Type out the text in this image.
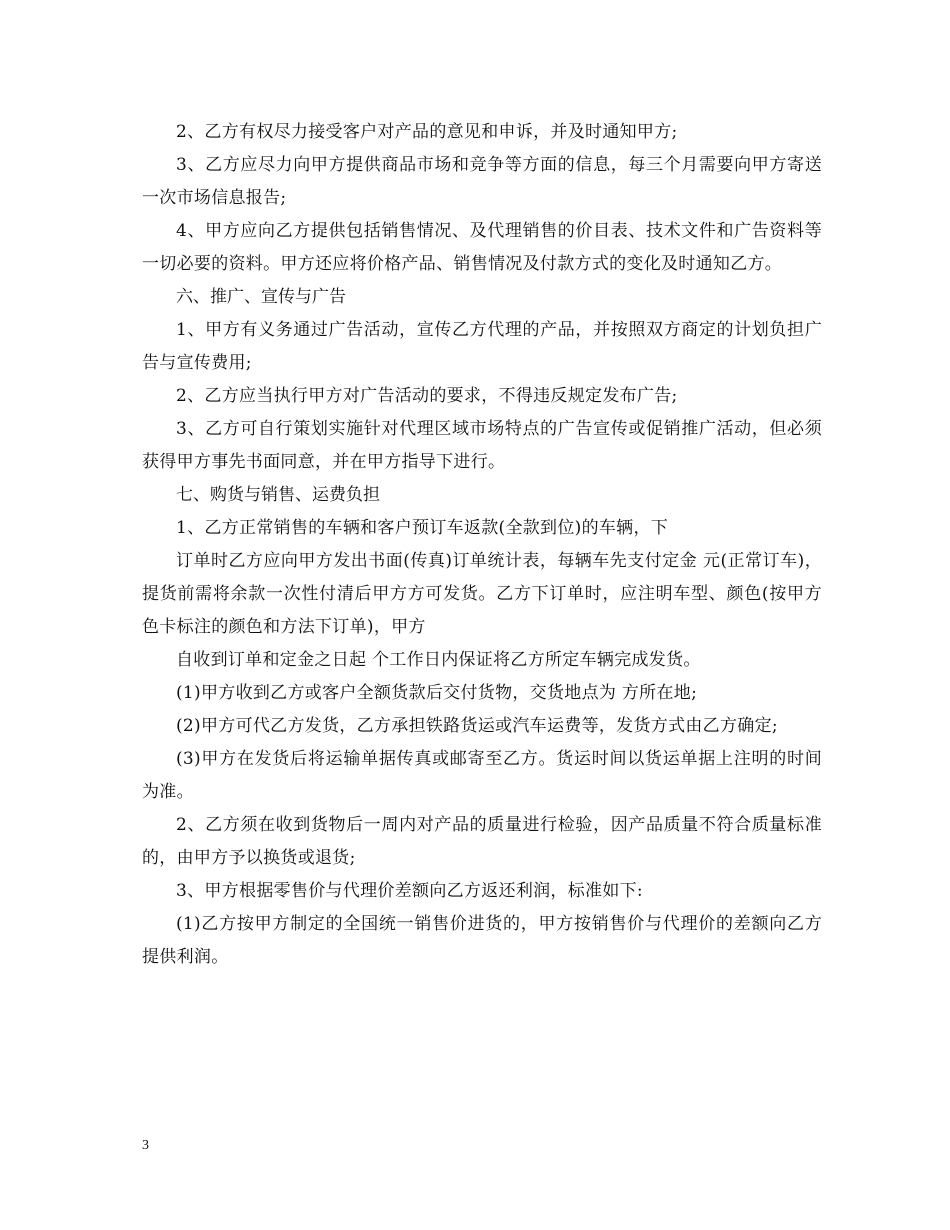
2、乙方有权尽力接受客户对产品的意见和申诉，并及时通知甲方;

3、乙方应尽力向甲方提供商品市场和竞争等方面的信息，每三个月需要向甲方寄送一次市场信息报告;

4、甲方应向乙方提供包括销售情况、及代理销售的价目表、技术文件和广告资料等一切必要的资料。甲方还应将价格产品、销售情况及付款方式的变化及时通知乙方。

六、推广、宣传与广告

1、甲方有义务通过广告活动，宣传乙方代理的产品，并按照双方商定的计划负担广告与宣传费用;

2、乙方应当执行甲方对广告活动的要求，不得违反规定发布广告;

3、乙方可自行策划实施针对代理区域市场特点的广告宣传或促销推广活动，但必须获得甲方事先书面同意，并在甲方指导下进行。

七、购货与销售、运费负担

1、乙方正常销售的车辆和客户预订车返款(全款到位)的车辆，下

订单时乙方应向甲方发出书面(传真)订单统计表，每辆车先支付定金 元(正常订车)，提货前需将余款一次性付清后甲方方可发货。乙方下订单时，应注明车型、颜色(按甲方色卡标注的颜色和方法下订单)，甲方

自收到订单和定金之日起 个工作日内保证将乙方所定车辆完成发货。

(1)甲方收到乙方或客户全额货款后交付货物，交货地点为 方所在地;

(2)甲方可代乙方发货，乙方承担铁路货运或汽车运费等，发货方式由乙方确定;

(3)甲方在发货后将运输单据传真或邮寄至乙方。货运时间以货运单据上注明的时间为准。

2、乙方须在收到货物后一周内对产品的质量进行检验，因产品质量不符合质量标准的，由甲方予以换货或退货;

3、甲方根据零售价与代理价差额向乙方返还利润，标准如下:

(1)乙方按甲方制定的全国统一销售价进货的，甲方按销售价与代理价的差额向乙方提供利润。

3
